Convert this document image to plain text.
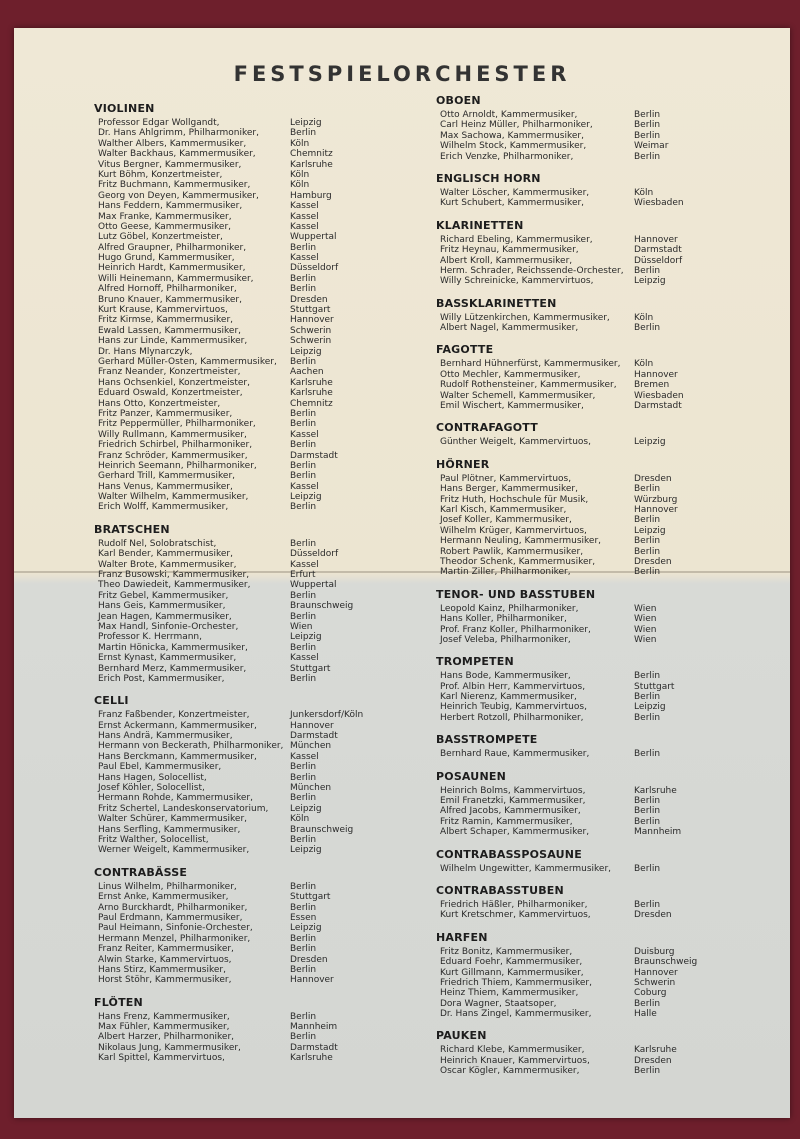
FESTSPIELORCHESTER
VIOLINEN
Professor Edgar Wollgandt,	Leipzig
Dr. Hans Ahlgrimm, Philharmoniker,	Berlin
Walther Albers, Kammermusiker,	Köln
Walter Backhaus, Kammermusiker,	Chemnitz
Vitus Bergner, Kammermusiker,	Karlsruhe
Kurt Böhm, Konzertmeister,	Köln
Fritz Buchmann, Kammermusiker,	Köln
Georg von Deyen, Kammermusiker,	Hamburg
Hans Feddern, Kammermusiker,	Kassel
Max Franke, Kammermusiker,	Kassel
Otto Geese, Kammermusiker,	Kassel
Lutz Göbel, Konzertmeister,	Wuppertal
Alfred Graupner, Philharmoniker,	Berlin
Hugo Grund, Kammermusiker,	Kassel
Heinrich Hardt, Kammermusiker,	Düsseldorf
Willi Heinemann, Kammermusiker,	Berlin
Alfred Hornoff, Philharmoniker,	Berlin
Bruno Knauer, Kammermusiker,	Dresden
Kurt Krause, Kammervirtuos,	Stuttgart
Fritz Kirmse, Kammermusiker,	Hannover
Ewald Lassen, Kammermusiker,	Schwerin
Hans zur Linde, Kammermusiker,	Schwerin
Dr. Hans Mlynarczyk,	Leipzig
Gerhard Müller-Osten, Kammermusiker, Berlin
Franz Neander, Konzertmeister,	Aachen
Hans Ochsenkiel, Konzertmeister,	Karlsruhe
Eduard Oswald, Konzertmeister,	Karlsruhe
Hans Otto, Konzertmeister,	Chemnitz
Fritz Panzer, Kammermusiker,	Berlin
Fritz Peppermüller, Philharmoniker,	Berlin
Willy Rullmann, Kammermusiker,	Kassel
Friedrich Schirbel, Philharmoniker,	Berlin
Franz Schröder, Kammermusiker,	Darmstadt
Heinrich Seemann, Philharmoniker,	Berlin
Gerhard Trill, Kammermusiker,	Berlin
Hans Venus, Kammermusiker,	Kassel
Walter Wilhelm, Kammermusiker,	Leipzig
Erich Wolff, Kammermusiker,	Berlin
BRATSCHEN
Rudolf Nel, Solobratschist,	Berlin
Karl Bender, Kammermusiker,	Düsseldorf
Walter Brote, Kammermusiker,	Kassel
Franz Busowski, Kammermusiker,	Erfurt
Theo Dawiedeit, Kammermusiker,	Wuppertal
Fritz Gebel, Kammermusiker,	Berlin
Hans Geis, Kammermusiker,	Braunschweig
Jean Hagen, Kammermusiker,	Berlin
Max Handl, Sinfonie-Orchester,	Wien
Professor K. Herrmann,	Leipzig
Martin Hönicka, Kammermusiker,	Berlin
Ernst Kynast, Kammermusiker,	Kassel
Bernhard Merz, Kammermusiker,	Stuttgart
Erich Post, Kammermusiker,	Berlin
CELLI
Franz Faßbender, Konzertmeister,	Junkersdorf/Köln
Ernst Ackermann, Kammermusiker,	Hannover
Hans Andrä, Kammermusiker,	Darmstadt
Hermann von Beckerath, Philharmoniker, München
Hans Berckmann, Kammermusiker,	Kassel
Paul Ebel, Kammermusiker,	Berlin
Hans Hagen, Solocellist,	Berlin
Josef Köhler, Solocellist,	München
Hermann Rohde, Kammermusiker,	Berlin
Fritz Schertel, Landeskonservatorium, Leipzig
Walter Schürer, Kammermusiker,	Köln
Hans Serfling, Kammermusiker,	Braunschweig
Fritz Walther, Solocellist,	Berlin
Werner Weigelt, Kammermusiker,	Leipzig
CONTRABÄSSE
Linus Wilhelm, Philharmoniker,	Berlin
Ernst Anke, Kammermusiker,	Stuttgart
Arno Burckhardt, Philharmoniker,	Berlin
Paul Erdmann, Kammermusiker,	Essen
Paul Heimann, Sinfonie-Orchester,	Leipzig
Hermann Menzel, Philharmoniker,	Berlin
Franz Reiter, Kammermusiker,	Berlin
Alwin Starke, Kammervirtuos,	Dresden
Hans Stirz, Kammermusiker,	Berlin
Horst Stöhr, Kammermusiker,	Hannover
FLÖTEN
Hans Frenz, Kammermusiker,	Berlin
Max Fühler, Kammermusiker,	Mannheim
Albert Harzer, Philharmoniker,	Berlin
Nikolaus Jung, Kammermusiker,	Darmstadt
Karl Spittel, Kammervirtuos,	Karlsruhe
OBOEN
Otto Arnoldt, Kammermusiker,	Berlin
Carl Heinz Müller, Philharmoniker,	Berlin
Max Sachowa, Kammermusiker,	Berlin
Wilhelm Stock, Kammermusiker,	Weimar
Erich Venzke, Philharmoniker,	Berlin
ENGLISCH HORN
Walter Löscher, Kammermusiker,	Köln
Kurt Schubert, Kammermusiker,	Wiesbaden
KLARINETTEN
Richard Ebeling, Kammermusiker,	Hannover
Fritz Heynau, Kammermusiker,	Darmstadt
Albert Kroll, Kammermusiker,	Düsseldorf
Herm. Schrader, Reichssende-Orchester, Berlin
Willy Schreinicke, Kammervirtuos,	Leipzig
BASSKLARINETTEN
Willy Lützenkirchen, Kammermusiker,	Köln
Albert Nagel, Kammermusiker,	Berlin
FAGOTTE
Bernhard Hühnerfürst, Kammermusiker, Köln
Otto Mechler, Kammermusiker,	Hannover
Rudolf Rothensteiner, Kammermusiker, Bremen
Walter Schemell, Kammermusiker,	Wiesbaden
Emil Wischert, Kammermusiker,	Darmstadt
CONTRAFAGOTT
Günther Weigelt, Kammervirtuos,	Leipzig
HÖRNER
Paul Plötner, Kammervirtuos,	Dresden
Hans Berger, Kammermusiker,	Berlin
Fritz Huth, Hochschule für Musik,	Würzburg
Karl Kisch, Kammermusiker,	Hannover
Josef Koller, Kammermusiker,	Berlin
Wilhelm Krüger, Kammervirtuos,	Leipzig
Hermann Neuling, Kammermusiker,	Berlin
Robert Pawlik, Kammermusiker,	Berlin
Theodor Schenk, Kammermusiker,	Dresden
Martin Ziller, Philharmoniker,	Berlin
TENOR- UND BASSTUBEN
Leopold Kainz, Philharmoniker,	Wien
Hans Koller, Philharmoniker,	Wien
Prof. Franz Koller, Philharmoniker,	Wien
Josef Veleba, Philharmoniker,	Wien
TROMPETEN
Hans Bode, Kammermusiker,	Berlin
Prof. Albin Herr, Kammervirtuos,	Stuttgart
Karl Nierenz, Kammermusiker,	Berlin
Heinrich Teubig, Kammervirtuos,	Leipzig
Herbert Rotzoll, Philharmoniker,	Berlin
BASSTROMPETE
Bernhard Raue, Kammermusiker,	Berlin
POSAUNEN
Heinrich Bolms, Kammervirtuos,	Karlsruhe
Emil Franetzki, Kammermusiker,	Berlin
Alfred Jacobs, Kammermusiker,	Berlin
Fritz Ramin, Kammermusiker,	Berlin
Albert Schaper, Kammermusiker,	Mannheim
CONTRABASSPOSAUNE
Wilhelm Ungewitter, Kammermusiker,	Berlin
CONTRABASSTUBEN
Friedrich Häßler, Philharmoniker,	Berlin
Kurt Kretschmer, Kammervirtuos,	Dresden
HARFEN
Fritz Bonitz, Kammermusiker,	Duisburg
Eduard Foehr, Kammermusiker,	Braunschweig
Kurt Gillmann, Kammermusiker,	Hannover
Friedrich Thiem, Kammermusiker,	Schwerin
Heinz Thiem, Kammermusiker,	Coburg
Dora Wagner, Staatsoper,	Berlin
Dr. Hans Zingel, Kammermusiker,	Halle
PAUKEN
Richard Klebe, Kammermusiker,	Karlsruhe
Heinrich Knauer, Kammervirtuos,	Dresden
Oscar Kögler, Kammermusiker,	Berlin
